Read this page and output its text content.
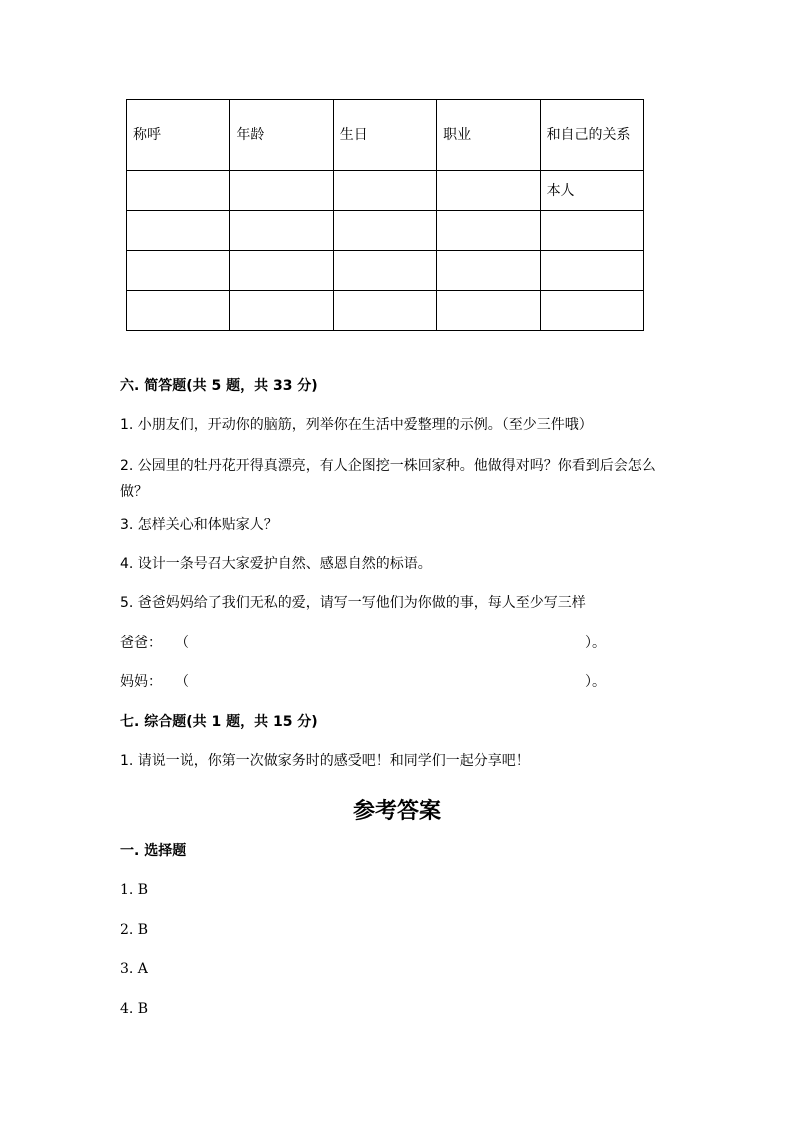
称呼	年龄	生日	职业	和自己的关系
				本人

六. 简答题(共 5 题，共 33 分)
1. 小朋友们，开动你的脑筋，列举你在生活中爱整理的示例。（至少三件哦）
2. 公园里的牡丹花开得真漂亮，有人企图挖一株回家种。他做得对吗？你看到后会怎么做？
3. 怎样关心和体贴家人？
4. 设计一条号召大家爱护自然、感恩自然的标语。
5. 爸爸妈妈给了我们无私的爱，请写一写他们为你做的事，每人至少写三样
爸爸： （	）。
妈妈： （	）。
七. 综合题(共 1 题，共 15 分)
1. 请说一说，你第一次做家务时的感受吧！和同学们一起分享吧！
参考答案
一. 选择题
1. B
2. B
3. A
4. B
